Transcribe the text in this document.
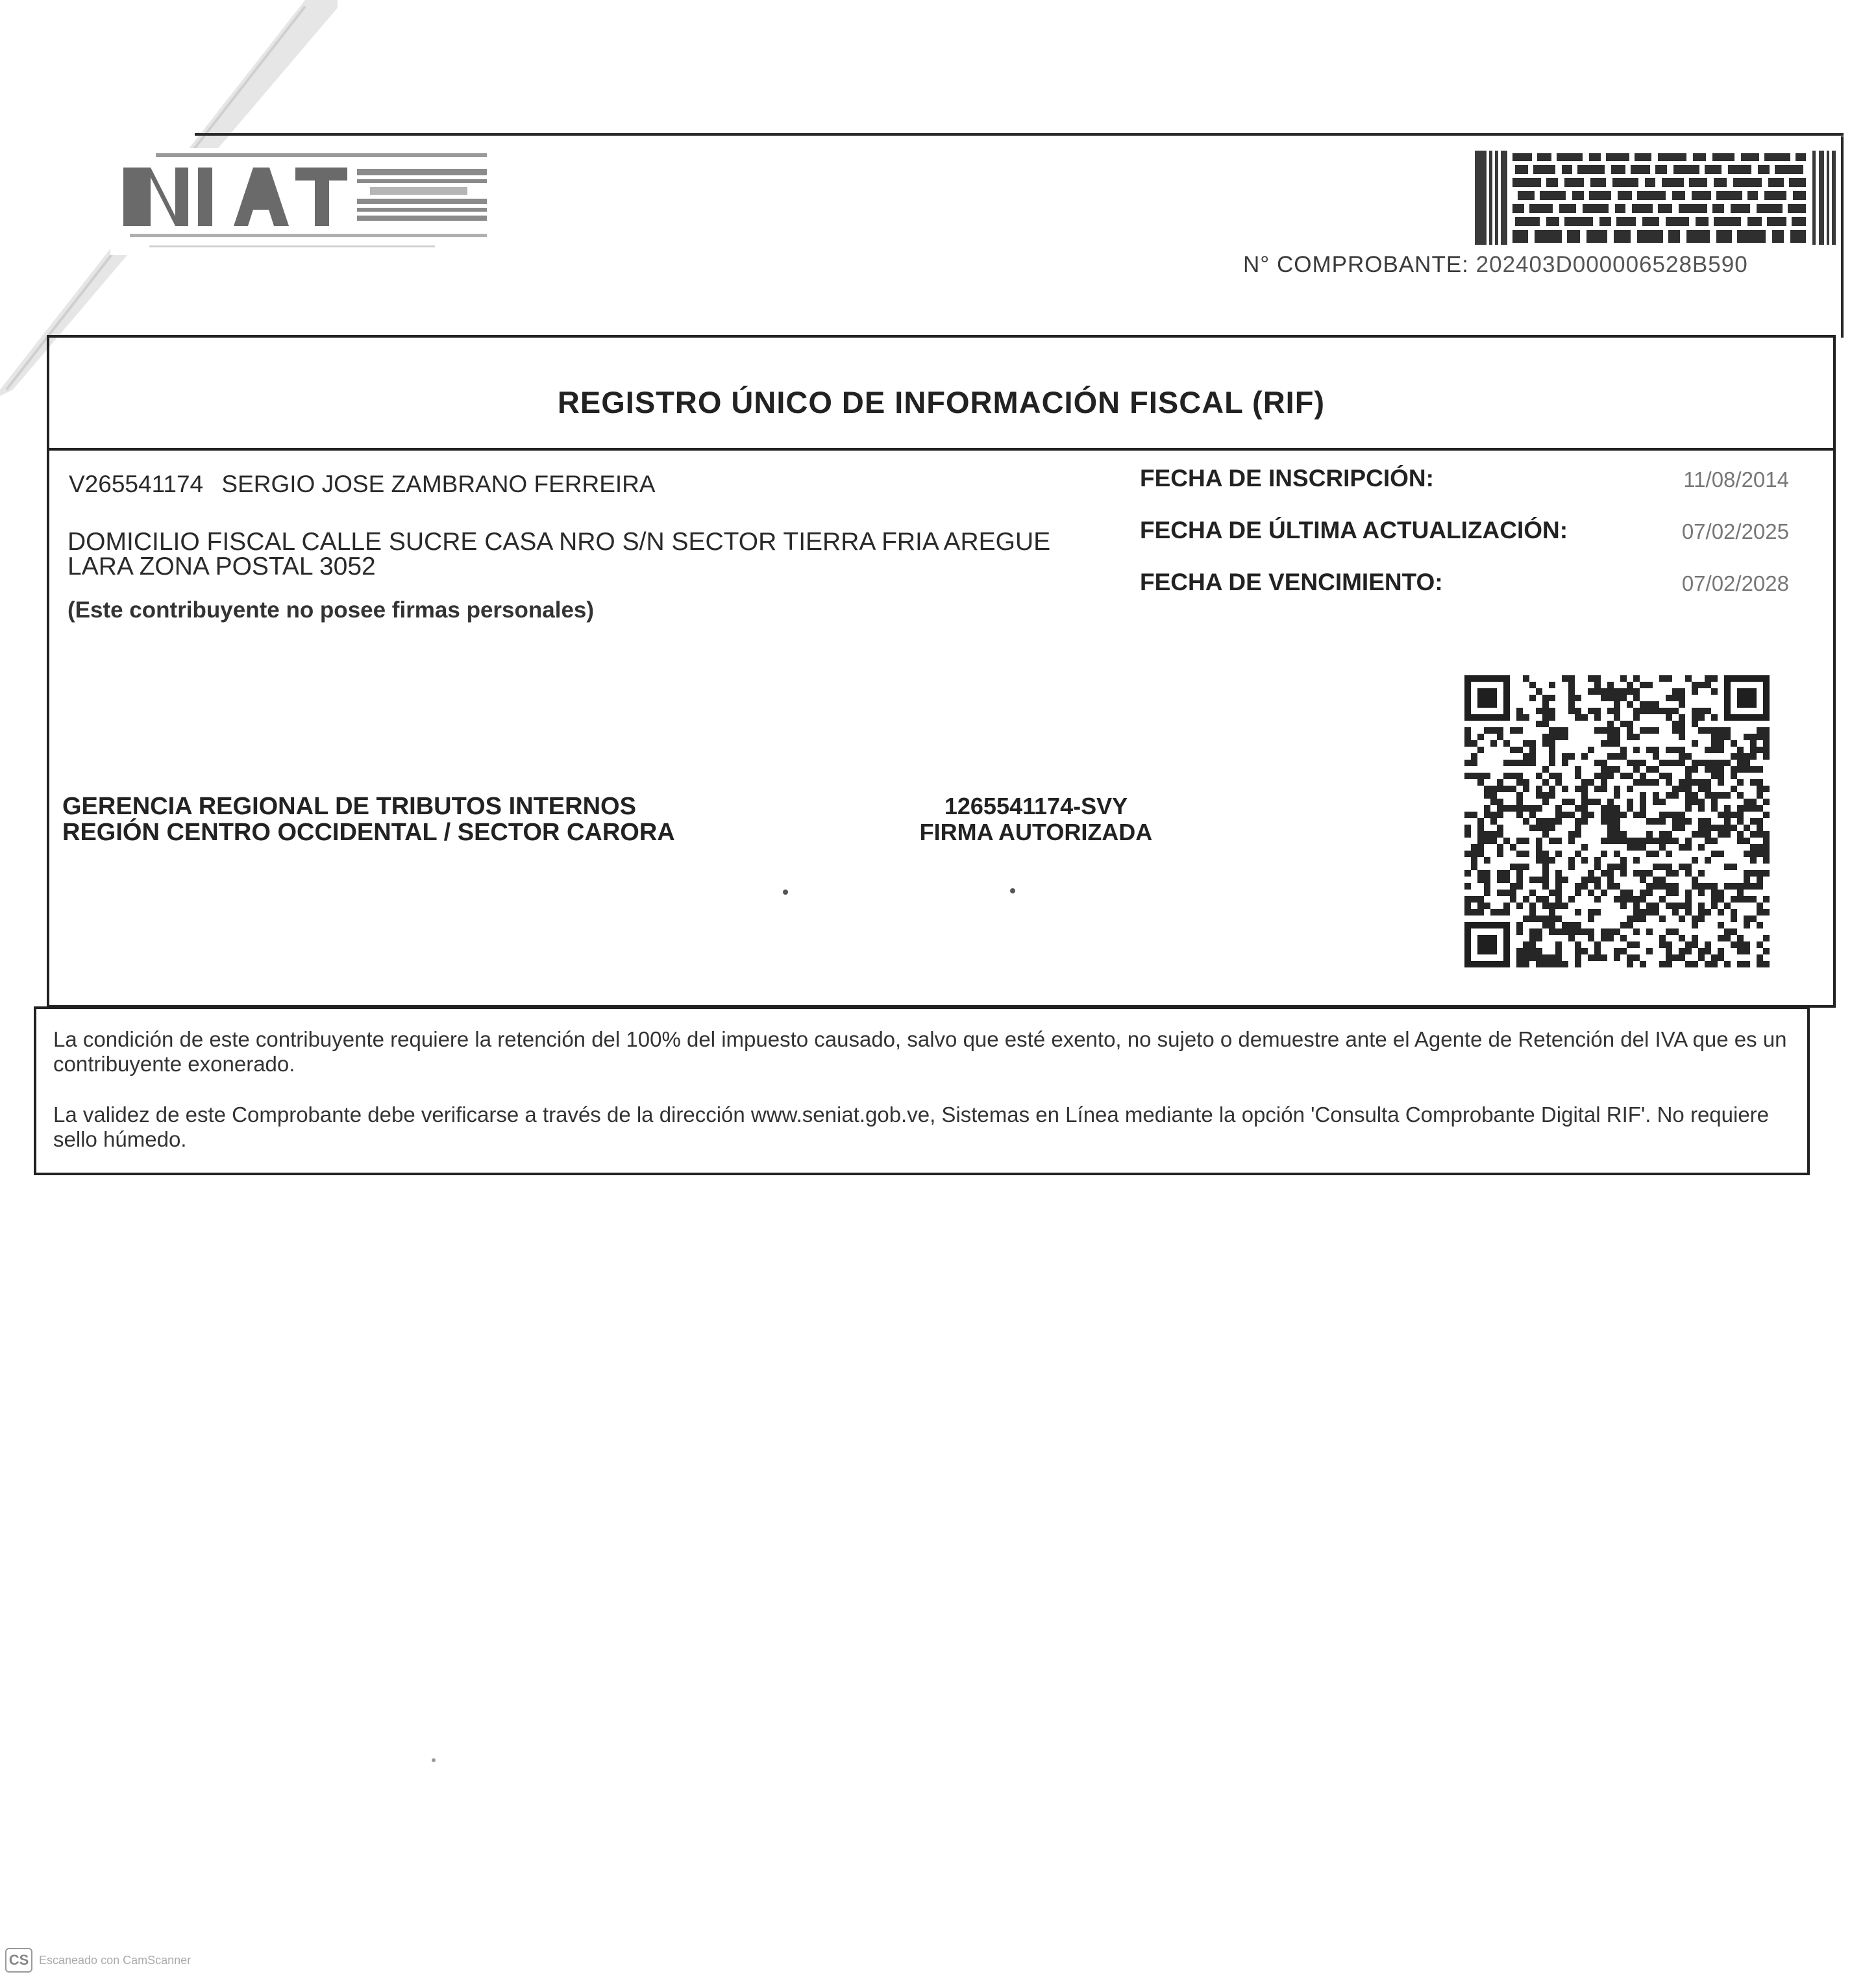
N° COMPROBANTE: 202403D000006528B590
REGISTRO ÚNICO DE INFORMACIÓN FISCAL (RIF)
V265541174 SERGIO JOSE ZAMBRANO FERREIRA
DOMICILIO FISCAL CALLE SUCRE CASA NRO S/N SECTOR TIERRA FRIA AREGUE
LARA ZONA POSTAL 3052
(Este contribuyente no posee firmas personales)
FECHA DE INSCRIPCIÓN:	11/08/2014
FECHA DE ÚLTIMA ACTUALIZACIÓN:	07/02/2025
FECHA DE VENCIMIENTO:	07/02/2028
GERENCIA REGIONAL DE TRIBUTOS INTERNOS
REGIÓN CENTRO OCCIDENTAL / SECTOR CARORA
1265541174-SVY
FIRMA AUTORIZADA
La condición de este contribuyente requiere la retención del 100% del impuesto causado, salvo que esté exento, no sujeto o demuestre ante el Agente de Retención del IVA que es un contribuyente exonerado.
La validez de este Comprobante debe verificarse a través de la dirección www.seniat.gob.ve, Sistemas en Línea mediante la opción 'Consulta Comprobante Digital RIF'. No requiere sello húmedo.
CS Escaneado con CamScanner
